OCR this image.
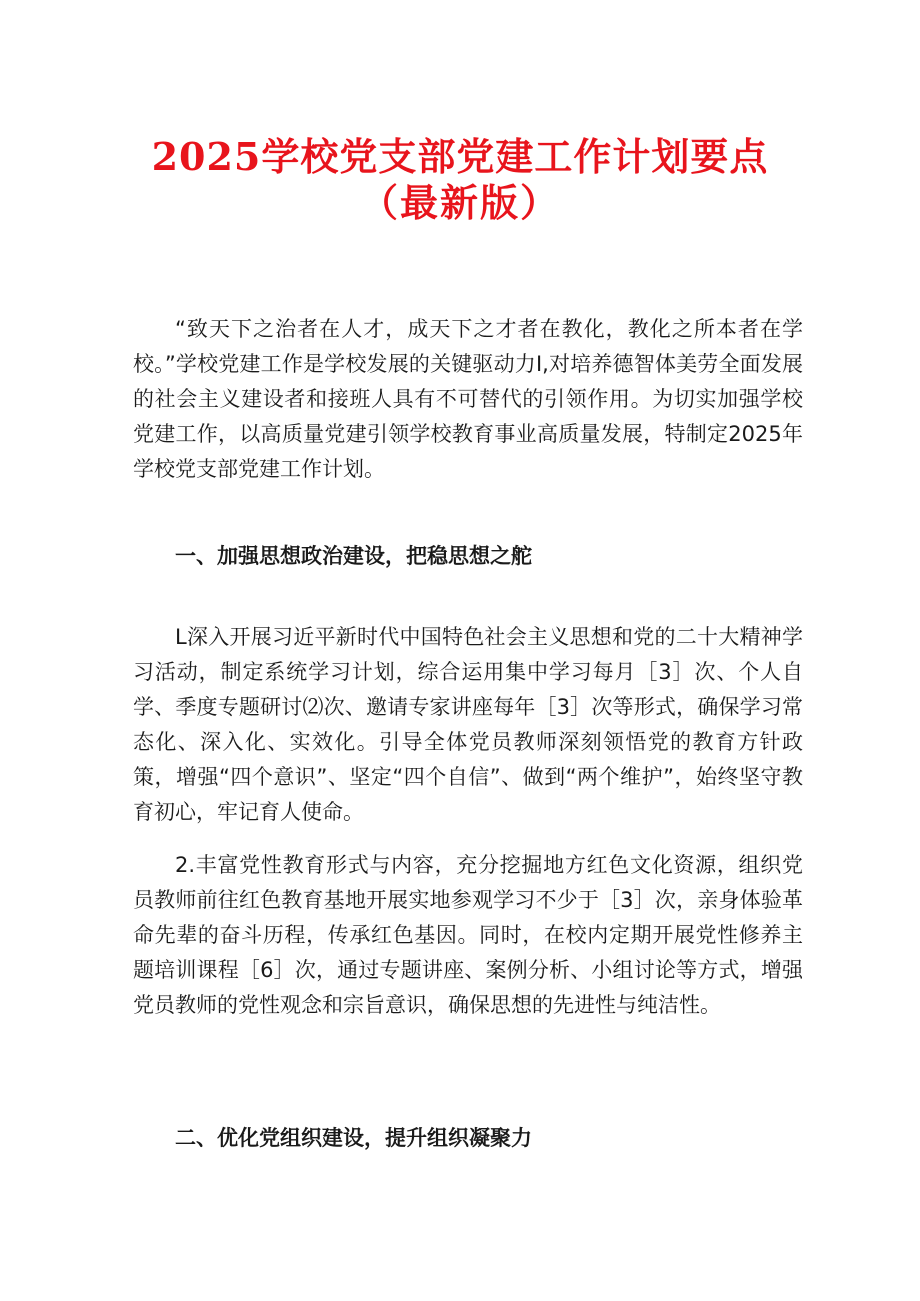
2025学校党支部党建工作计划要点
（最新版）

“致天下之治者在人才，成天下之才者在教化，教化之所本者在学校。”学校党建工作是学校发展的关键驱动力I,对培养德智体美劳全面发展的社会主义建设者和接班人具有不可替代的引领作用。为切实加强学校党建工作，以高质量党建引领学校教育事业高质量发展，特制定2025年学校党支部党建工作计划。

一、加强思想政治建设，把稳思想之舵

L深入开展习近平新时代中国特色社会主义思想和党的二十大精神学习活动，制定系统学习计划，综合运用集中学习每月［3］次、个人自学、季度专题研讨⑵次、邀请专家讲座每年［3］次等形式，确保学习常态化、深入化、实效化。引导全体党员教师深刻领悟党的教育方针政策，增强“四个意识”、坚定“四个自信”、做到“两个维护”，始终坚守教育初心，牢记育人使命。

2.丰富党性教育形式与内容，充分挖掘地方红色文化资源，组织党员教师前往红色教育基地开展实地参观学习不少于［3］次，亲身体验革命先辈的奋斗历程，传承红色基因。同时，在校内定期开展党性修养主题培训课程［6］次，通过专题讲座、案例分析、小组讨论等方式，增强党员教师的党性观念和宗旨意识，确保思想的先进性与纯洁性。

二、优化党组织建设，提升组织凝聚力
